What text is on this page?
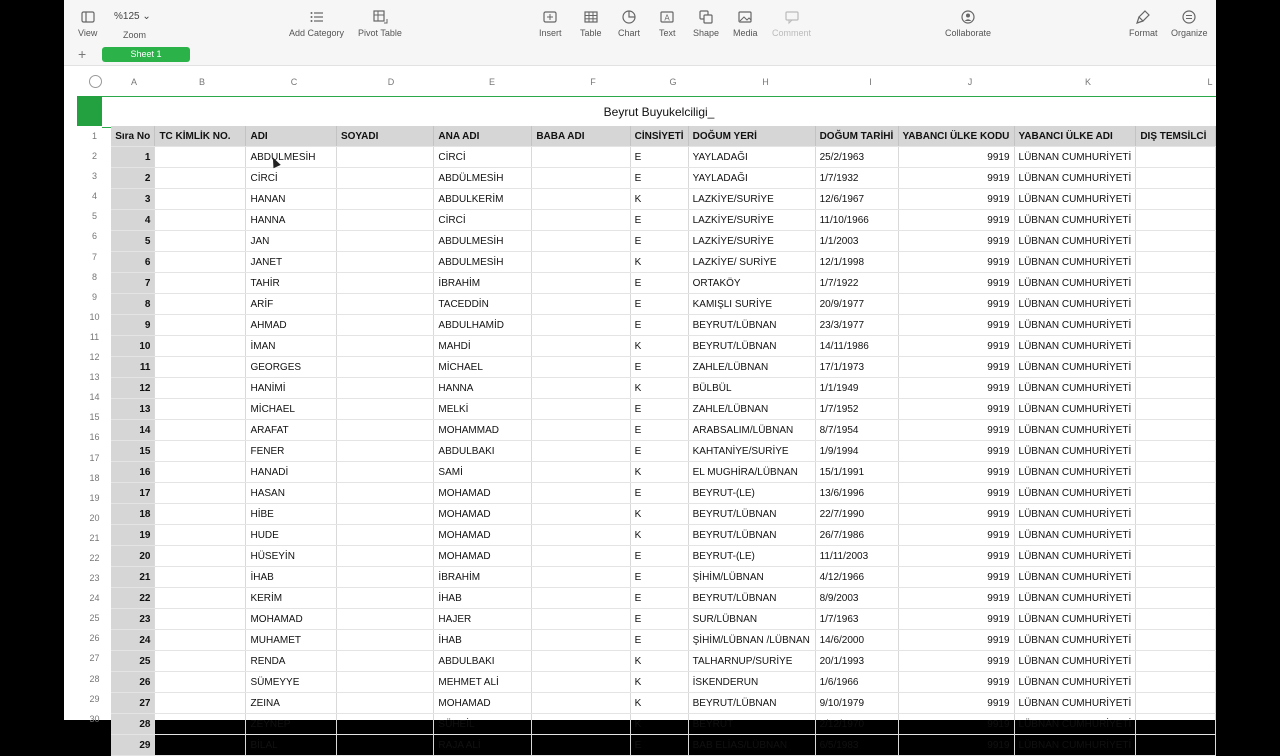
View
%125 ⌄
Zoom	Add Category Pivot Table	Insert Table Chart
A
Text Shape Media Comment	Collaborate	Format Organize
+	Sheet 1
A	B	C	D	E	F	G	H	I	J	K	L
Beyrut Buyukelciligi_
1
2
3
4
5
6
7
8
9
10
11
12
13
14
15
16
17
18
19
20
21
22
23
24
25
26
27
28
29
30
Sıra No	TC KİMLİK NO.	ADI	SOYADI	ANA ADI	BABA ADI	CİNSİYETİ	DOĞUM YERİ	DOĞUM TARİHİ	YABANCI ÜLKE KODU	YABANCI ÜLKE ADI	DIŞ TEMSİLCİ
1		ABDULMESİH		CİRCİ		E	YAYLADAĞI	25/2/1963	9919	LÜBNAN CUMHURİYETİ	
2		CİRCİ		ABDÜLMESİH		E	YAYLADAĞI	1/7/1932	9919	LÜBNAN CUMHURİYETİ	
3		HANAN		ABDULKERİM		K	LAZKİYE/SURİYE	12/6/1967	9919	LÜBNAN CUMHURİYETİ	
4		HANNA		CİRCİ		E	LAZKİYE/SURİYE	11/10/1966	9919	LÜBNAN CUMHURİYETİ	
5		JAN		ABDULMESİH		E	LAZKİYE/SURİYE	1/1/2003	9919	LÜBNAN CUMHURİYETİ	
6		JANET		ABDULMESİH		K	LAZKİYE/ SURİYE	12/1/1998	9919	LÜBNAN CUMHURİYETİ	
7		TAHİR		İBRAHİM		E	ORTAKÖY	1/7/1922	9919	LÜBNAN CUMHURİYETİ	
8		ARİF		TACEDDİN		E	KAMIŞLI SURİYE	20/9/1977	9919	LÜBNAN CUMHURİYETİ	
9		AHMAD		ABDULHAMİD		E	BEYRUT/LÜBNAN	23/3/1977	9919	LÜBNAN CUMHURİYETİ	
10		İMAN		MAHDİ		K	BEYRUT/LÜBNAN	14/11/1986	9919	LÜBNAN CUMHURİYETİ	
11		GEORGES		MİCHAEL		E	ZAHLE/LÜBNAN	17/1/1973	9919	LÜBNAN CUMHURİYETİ	
12		HANİMİ		HANNA		K	BÜLBÜL	1/1/1949	9919	LÜBNAN CUMHURİYETİ	
13		MİCHAEL		MELKİ		E	ZAHLE/LÜBNAN	1/7/1952	9919	LÜBNAN CUMHURİYETİ	
14		ARAFAT		MOHAMMAD		E	ARABSALIM/LÜBNAN	8/7/1954	9919	LÜBNAN CUMHURİYETİ	
15		FENER		ABDULBAKI		E	KAHTANİYE/SURİYE	1/9/1994	9919	LÜBNAN CUMHURİYETİ	
16		HANADİ		SAMİ		K	EL MUGHİRA/LÜBNAN	15/1/1991	9919	LÜBNAN CUMHURİYETİ	
17		HASAN		MOHAMAD		E	BEYRUT-(LE)	13/6/1996	9919	LÜBNAN CUMHURİYETİ	
18		HİBE		MOHAMAD		K	BEYRUT/LÜBNAN	22/7/1990	9919	LÜBNAN CUMHURİYETİ	
19		HUDE		MOHAMAD		K	BEYRUT/LÜBNAN	26/7/1986	9919	LÜBNAN CUMHURİYETİ	
20		HÜSEYİN		MOHAMAD		E	BEYRUT-(LE)	11/11/2003	9919	LÜBNAN CUMHURİYETİ	
21		İHAB		İBRAHİM		E	ŞİHİM/LÜBNAN	4/12/1966	9919	LÜBNAN CUMHURİYETİ	
22		KERİM		İHAB		E	BEYRUT/LÜBNAN	8/9/2003	9919	LÜBNAN CUMHURİYETİ	
23		MOHAMAD		HAJER		E	SUR/LÜBNAN	1/7/1963	9919	LÜBNAN CUMHURİYETİ	
24		MUHAMET		İHAB		E	ŞİHİM/LÜBNAN /LÜBNAN	14/6/2000	9919	LÜBNAN CUMHURİYETİ	
25		RENDA		ABDULBAKI		K	TALHARNUP/SURİYE	20/1/1993	9919	LÜBNAN CUMHURİYETİ	
26		SÜMEYYE		MEHMET ALİ		K	İSKENDERUN	1/6/1966	9919	LÜBNAN CUMHURİYETİ	
27		ZEINA		MOHAMAD		K	BEYRUT/LÜBNAN	9/10/1979	9919	LÜBNAN CUMHURİYETİ	
28		ZEYNEP		SÜHEİL		K	BEYRUT	2/12/1970	9919	LÜBNAN CUMHURİYETİ	
29		BİLAL		RAJA ALİ		E	BAB ELİAS/LÜBNAN	6/5/1983	9919	LÜBNAN CUMHURİYETİ	
